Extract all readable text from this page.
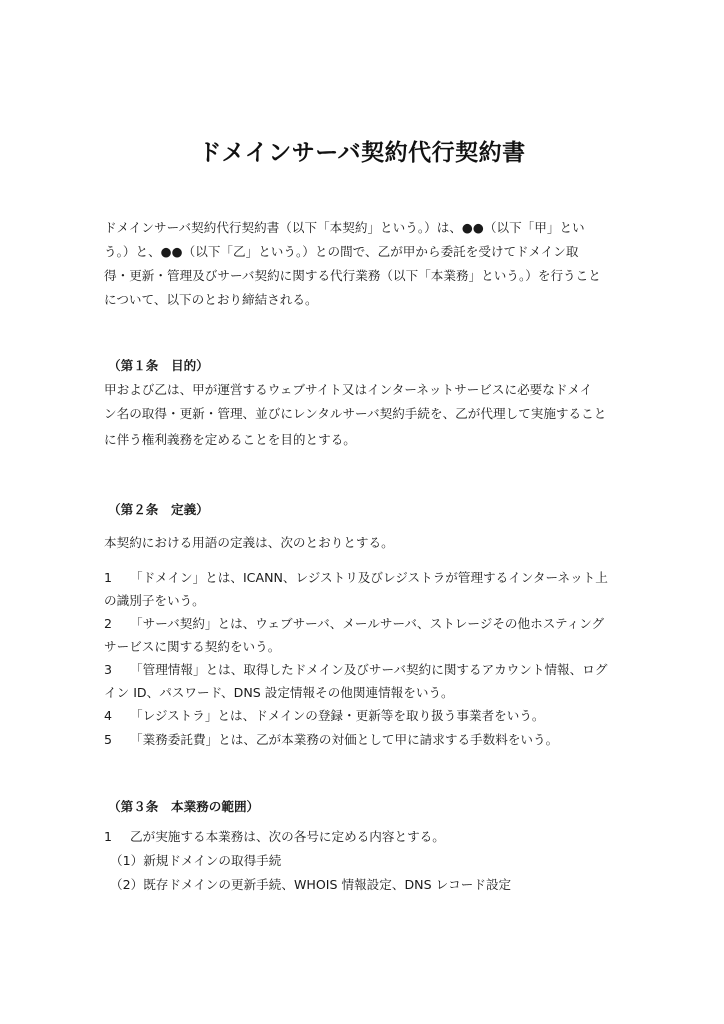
ドメインサーバ契約代行契約書
ドメインサーバ契約代行契約書（以下「本契約」という。）は、●●（以下「甲」とい
う。）と、●●（以下「乙」という。）との間で、乙が甲から委託を受けてドメイン取
得・更新・管理及びサーバ契約に関する代行業務（以下「本業務」という。）を行うこと
について、以下のとおり締結される。
（第１条　目的）
甲および乙は、甲が運営するウェブサイト又はインターネットサービスに必要なドメイ
ン名の取得・更新・管理、並びにレンタルサーバ契約手続を、乙が代理して実施すること
に伴う権利義務を定めることを目的とする。
（第２条　定義）
本契約における用語の定義は、次のとおりとする。
1 「ドメイン」とは、ICANN、レジストリ及びレジストラが管理するインターネット上
の識別子をいう。
2 「サーバ契約」とは、ウェブサーバ、メールサーバ、ストレージその他ホスティング
サービスに関する契約をいう。
3 「管理情報」とは、取得したドメイン及びサーバ契約に関するアカウント情報、ログ
イン ID、パスワード、DNS 設定情報その他関連情報をいう。
4 「レジストラ」とは、ドメインの登録・更新等を取り扱う事業者をいう。
5 「業務委託費」とは、乙が本業務の対価として甲に請求する手数料をいう。
（第３条　本業務の範囲）
1 乙が実施する本業務は、次の各号に定める内容とする。
（1）新規ドメインの取得手続
（2）既存ドメインの更新手続、WHOIS 情報設定、DNS レコード設定
